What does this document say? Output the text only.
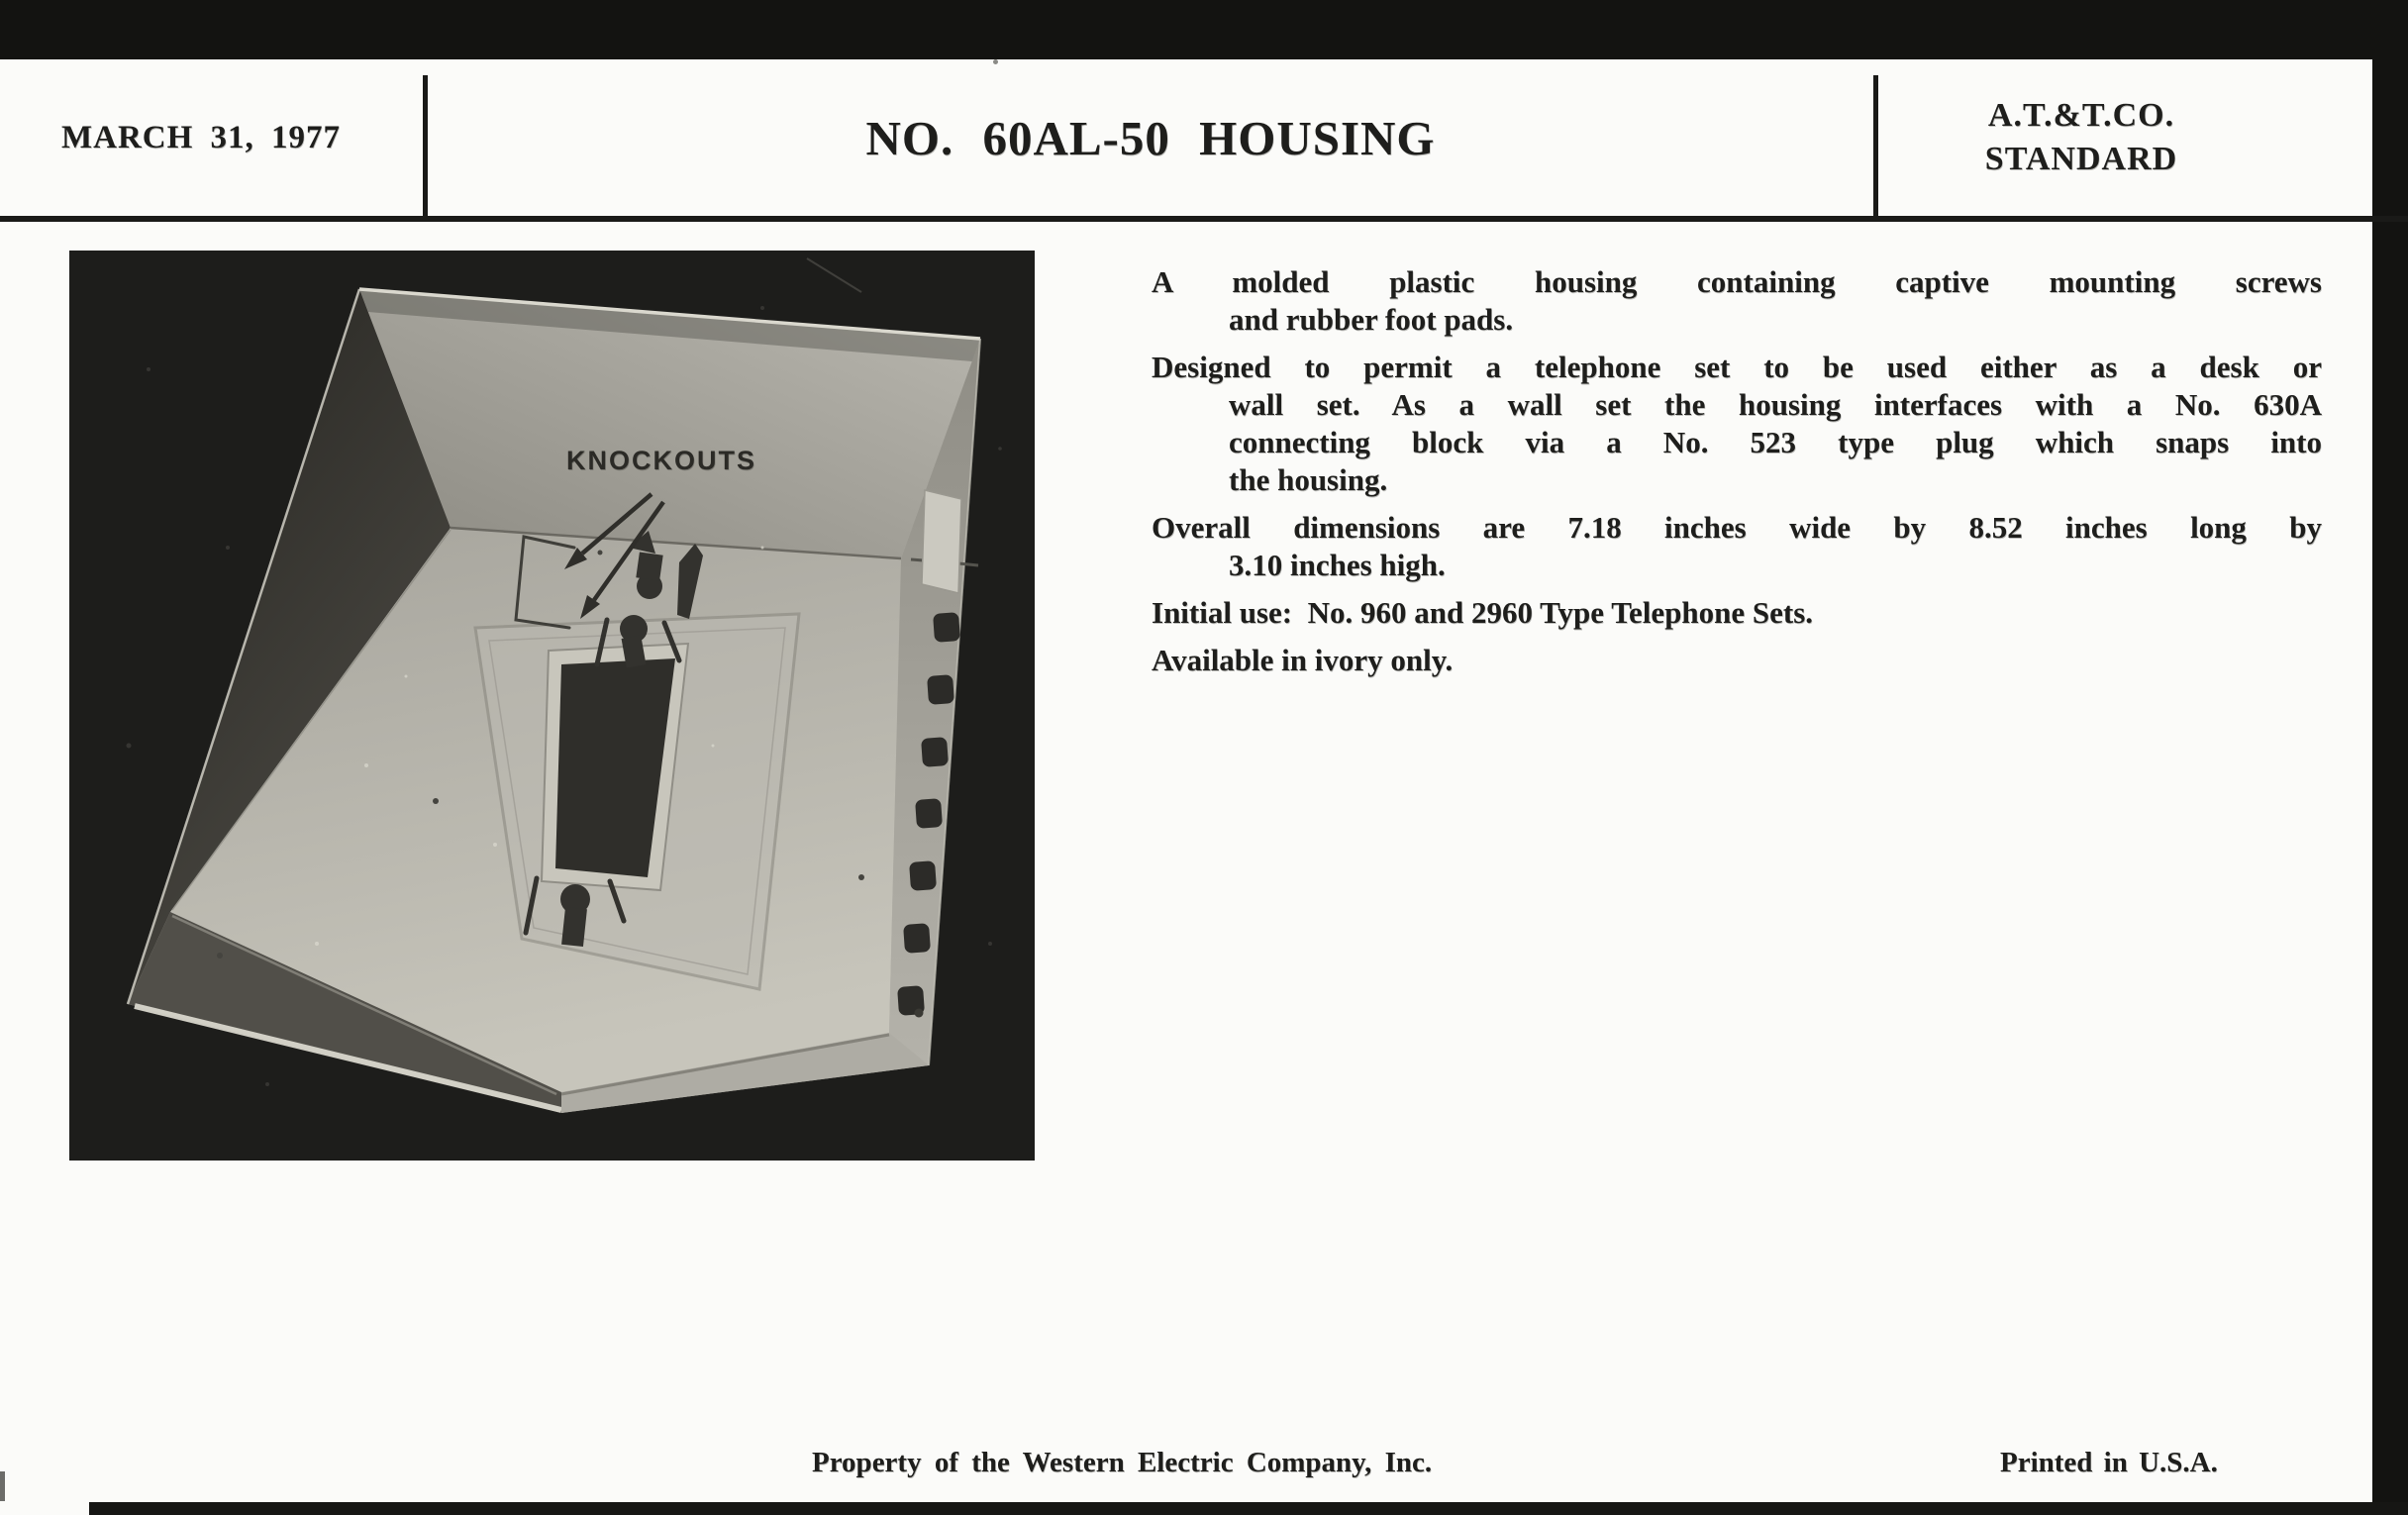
MARCH 31, 1977	NO. 60AL-50 HOUSING	A.T.&T.CO.
STANDARD
KNOCKOUTS
A molded plastic housing containing captive mounting screws
and rubber foot pads.
Designed to permit a telephone set to be used either as a desk or
wall set. As a wall set the housing interfaces with a No. 630A
connecting block via a No. 523 type plug which snaps into
the housing.
Overall dimensions are 7.18 inches wide by 8.52 inches long by
3.10 inches high.
Initial use:  No. 960 and 2960 Type Telephone Sets.
Available in ivory only.
Property of the Western Electric Company, Inc.	Printed in U.S.A.
